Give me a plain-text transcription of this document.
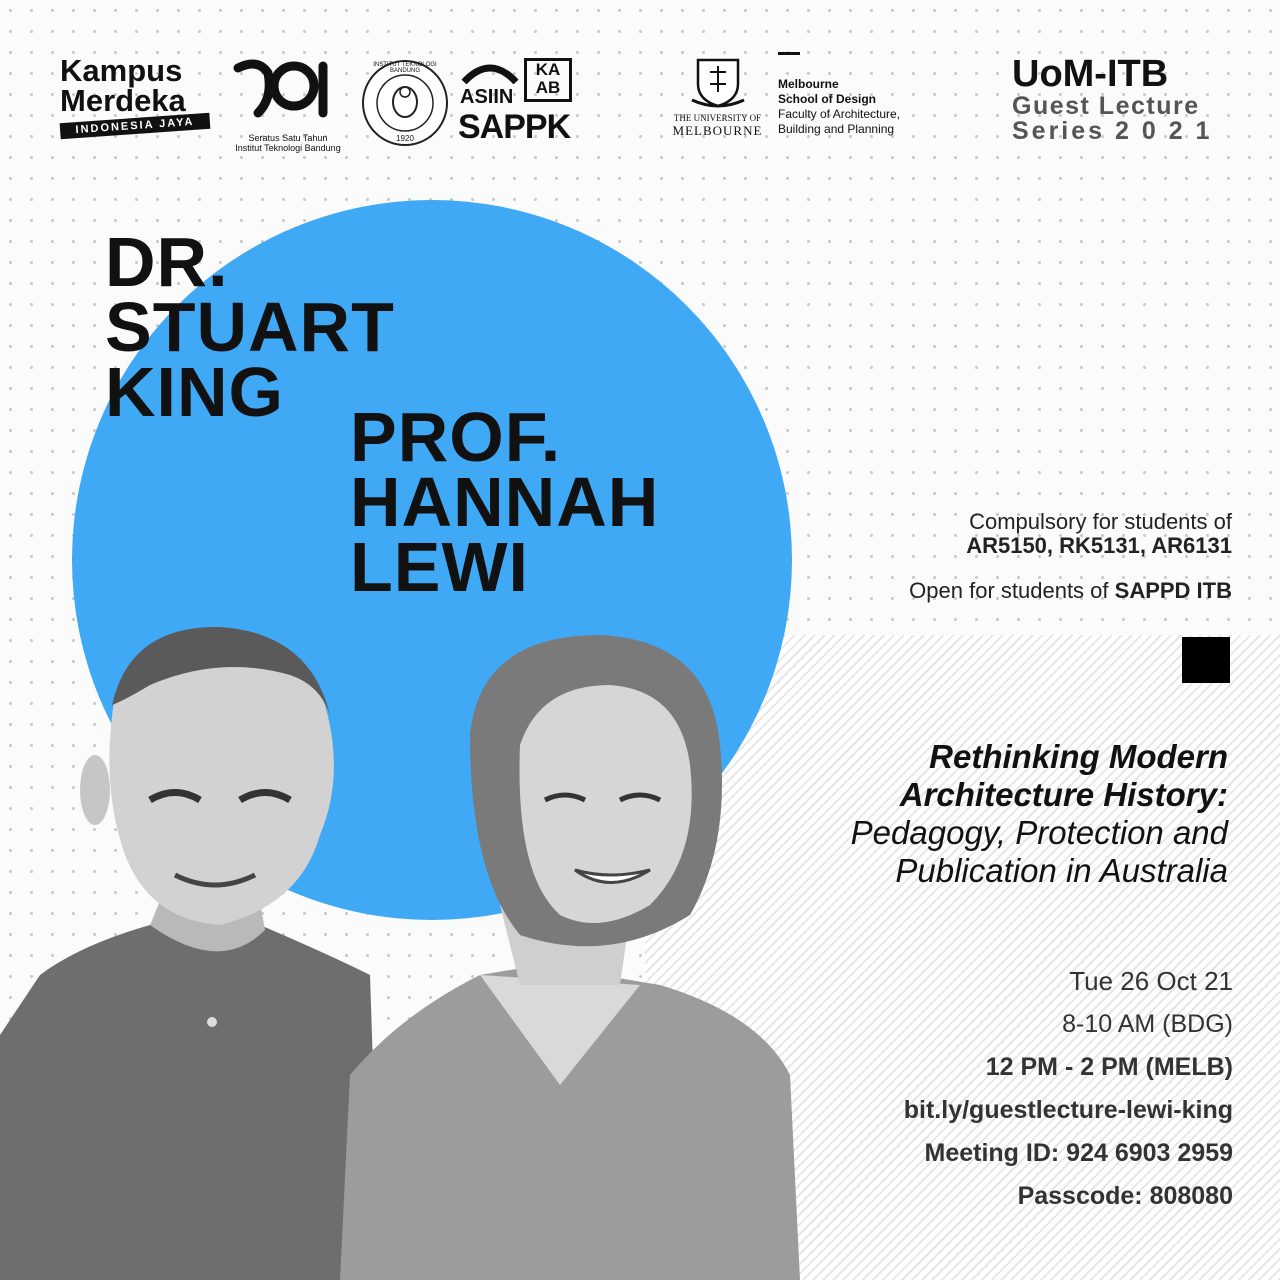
Kampus
Merdeka
INDONESIA JAYA
Seratus Satu Tahun
Institut Teknologi Bandung
INSTITUT TEKNOLOGI BANDUNG
1920
ASIIN
KA
AB
SAPPK	THE UNIVERSITY OF
MELBOURNE
Melbourne
School of Design
Faculty of Architecture,
Building and Planning
UoM-ITB
Guest Lecture
Series 2 0 2 1
DR.
STUART
KING
PROF.
HANNAH
LEWI
Compulsory for students of
AR5150, RK5131, AR6131
Open for students of SAPPD ITB
Rethinking Modern
Architecture History:
Pedagogy, Protection and
Publication in Australia
Tue 26 Oct 21
8-10 AM (BDG)
12 PM - 2 PM (MELB)
bit.ly/guestlecture-lewi-king
Meeting ID: 924 6903 2959
Passcode: 808080
